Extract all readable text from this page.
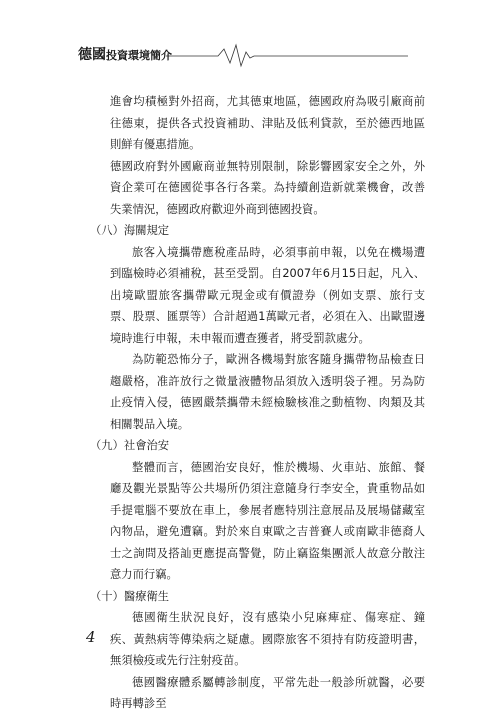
德國投資環境簡介

進會均積極對外招商，尤其德東地區，德國政府為吸引廠商前往德東，提供各式投資補助、津貼及低利貸款，至於德西地區則鮮有優惠措施。

德國政府對外國廠商並無特別限制，除影響國家安全之外，外資企業可在德國從事各行各業。為持續創造新就業機會，改善失業情況，德國政府歡迎外商到德國投資。

（八）海關規定

旅客入境攜帶應稅產品時，必須事前申報，以免在機場遭到臨檢時必須補稅，甚至受罰。自2007年6月15日起，凡入、出境歐盟旅客攜帶歐元現金或有價證券（例如支票、旅行支票、股票、匯票等）合計超過1萬歐元者，必須在入、出歐盟邊境時進行申報，未申報而遭查獲者，將受罰款處分。

為防範恐怖分子，歐洲各機場對旅客隨身攜帶物品檢查日趨嚴格，准許放行之微量液體物品須放入透明袋子裡。另為防止疫情入侵，德國嚴禁攜帶未經檢驗核准之動植物、肉類及其相關製品入境。

（九）社會治安

整體而言，德國治安良好，惟於機場、火車站、旅館、餐廳及觀光景點等公共場所仍須注意隨身行李安全，貴重物品如手提電腦不要放在車上，參展者應特別注意展品及展場儲藏室內物品，避免遭竊。對於來自東歐之吉普賽人或南歐非德裔人士之詢問及搭訕更應提高警覺，防止竊盜集團派人故意分散注意力而行竊。

（十）醫療衛生

德國衛生狀況良好，沒有感染小兒麻痺症、傷寒症、鐘疾、黃熱病等傳染病之疑慮。國際旅客不須持有防疫證明書，無須檢疫或先行注射疫苗。

德國醫療體系屬轉診制度，平常先赴一般診所就醫，必要時再轉診至

4
